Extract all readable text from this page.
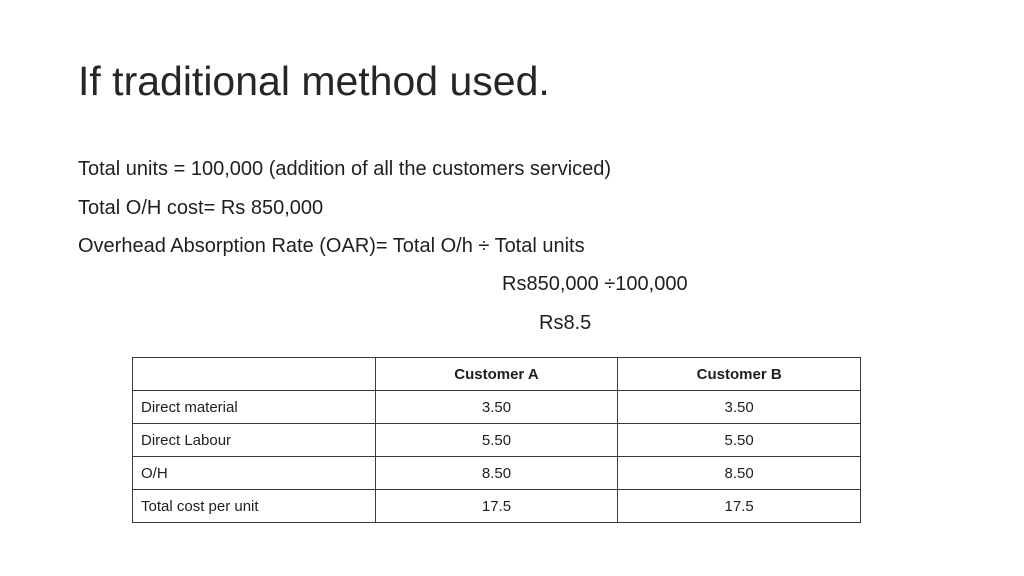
If traditional method used.
Total units = 100,000 (addition of all the customers serviced)
Total O/H cost= Rs 850,000
Overhead Absorption Rate (OAR)= Total O/h ÷ Total units
Rs850,000 ÷100,000
Rs8.5
	Customer A	Customer B
Direct material	3.50	3.50
Direct Labour	5.50	5.50
O/H	8.50	8.50
Total cost per unit	17.5	17.5
